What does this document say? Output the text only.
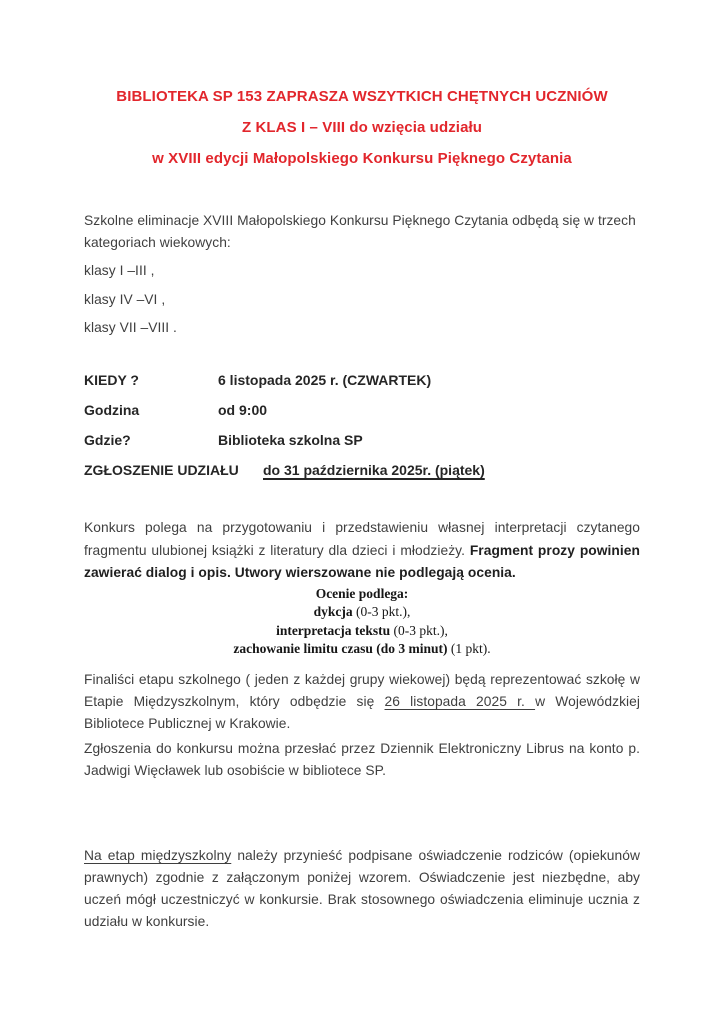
BIBLIOTEKA SP 153 ZAPRASZA WSZYTKICH CHĘTNYCH UCZNIÓW

Z KLAS I – VIII do wzięcia udziału

w XVIII edycji Małopolskiego Konkursu Pięknego Czytania

Szkolne eliminacje XVIII Małopolskiego Konkursu Pięknego Czytania odbędą się w trzech kategoriach wiekowych:

klasy I –III ,

klasy IV –VI ,

klasy VII –VIII .

KIEDY ?	6 listopada 2025 r. (CZWARTEK)
Godzina	od 9:00
Gdzie?	Biblioteka szkolna SP
ZGŁOSZENIE UDZIAŁU	do 31 października 2025r. (piątek)

Konkurs polega na przygotowaniu i przedstawieniu własnej interpretacji czytanego fragmentu ulubionej książki z literatury dla dzieci i młodzieży. Fragment prozy powinien zawierać dialog i opis. Utwory wierszowane nie podlegają ocenia.

Ocenie podlega:

dykcja (0-3 pkt.),

interpretacja tekstu (0-3 pkt.),

zachowanie limitu czasu (do 3 minut) (1 pkt).

Finaliści etapu szkolnego ( jeden z każdej grupy wiekowej) będą reprezentować szkołę w Etapie Międzyszkolnym, który odbędzie się 26 listopada 2025 r. w Wojewódzkiej Bibliotece Publicznej w Krakowie.

Zgłoszenia do konkursu można przesłać przez Dziennik Elektroniczny Librus na konto p. Jadwigi Więcławek lub osobiście w bibliotece SP.

Na etap międzyszkolny należy przynieść podpisane oświadczenie rodziców (opiekunów prawnych) zgodnie z załączonym poniżej wzorem. Oświadczenie jest niezbędne, aby uczeń mógł uczestniczyć w konkursie. Brak stosownego oświadczenia eliminuje ucznia z udziału w konkursie.
